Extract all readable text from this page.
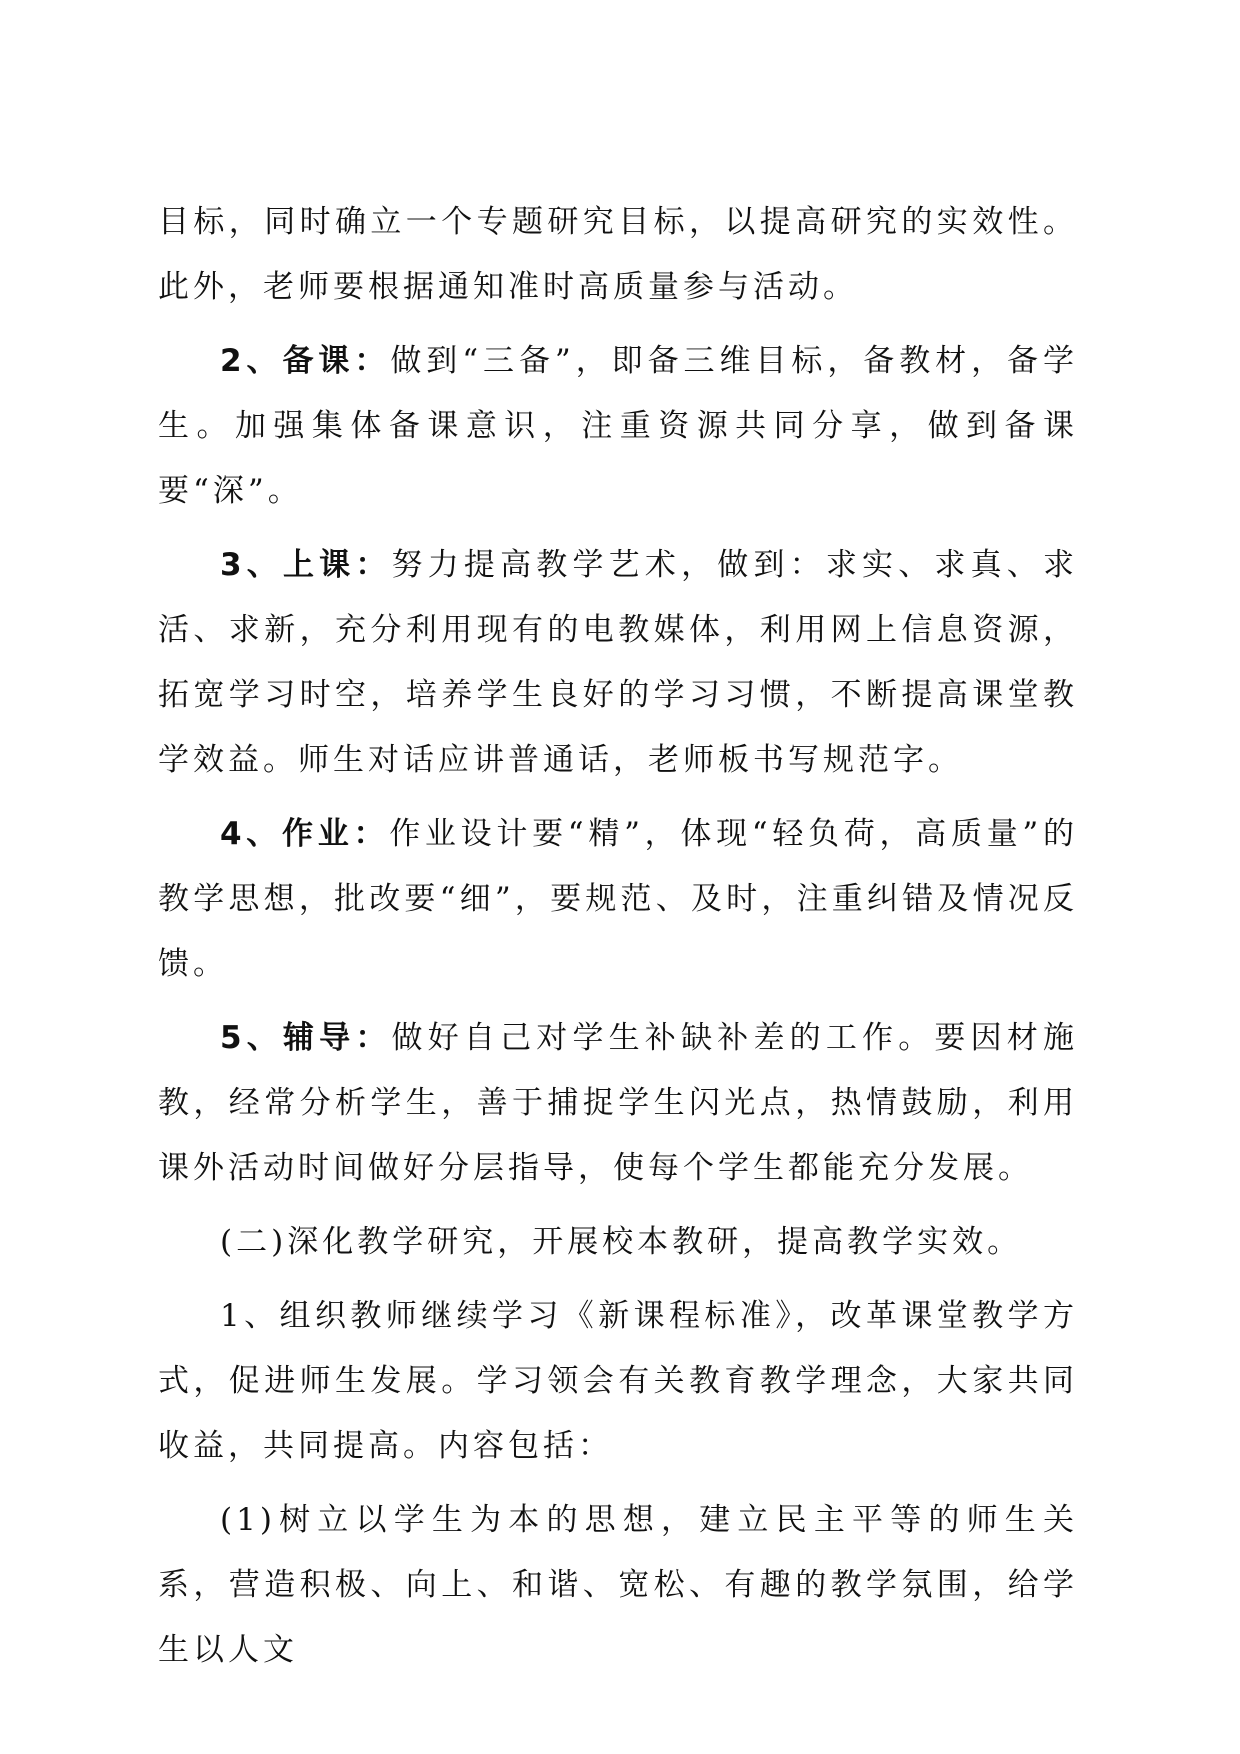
目标，同时确立一个专题研究目标，以提高研究的实效性。此外，老师要根据通知准时高质量参与活动。

2、备课：做到“三备”，即备三维目标，备教材，备学生。加强集体备课意识，注重资源共同分享，做到备课要“深”。

3、上课：努力提高教学艺术，做到：求实、求真、求活、求新，充分利用现有的电教媒体，利用网上信息资源，拓宽学习时空，培养学生良好的学习习惯，不断提高课堂教学效益。师生对话应讲普通话，老师板书写规范字。

4、作业：作业设计要“精”，体现“轻负荷，高质量”的教学思想，批改要“细”，要规范、及时，注重纠错及情况反馈。

5、辅导：做好自己对学生补缺补差的工作。要因材施教，经常分析学生，善于捕捉学生闪光点，热情鼓励，利用课外活动时间做好分层指导，使每个学生都能充分发展。

(二)深化教学研究，开展校本教研，提高教学实效。

1、组织教师继续学习《新课程标准》，改革课堂教学方式，促进师生发展。学习领会有关教育教学理念，大家共同收益，共同提高。内容包括：

(1)树立以学生为本的思想，建立民主平等的师生关系，营造积极、向上、和谐、宽松、有趣的教学氛围，给学生以人文
